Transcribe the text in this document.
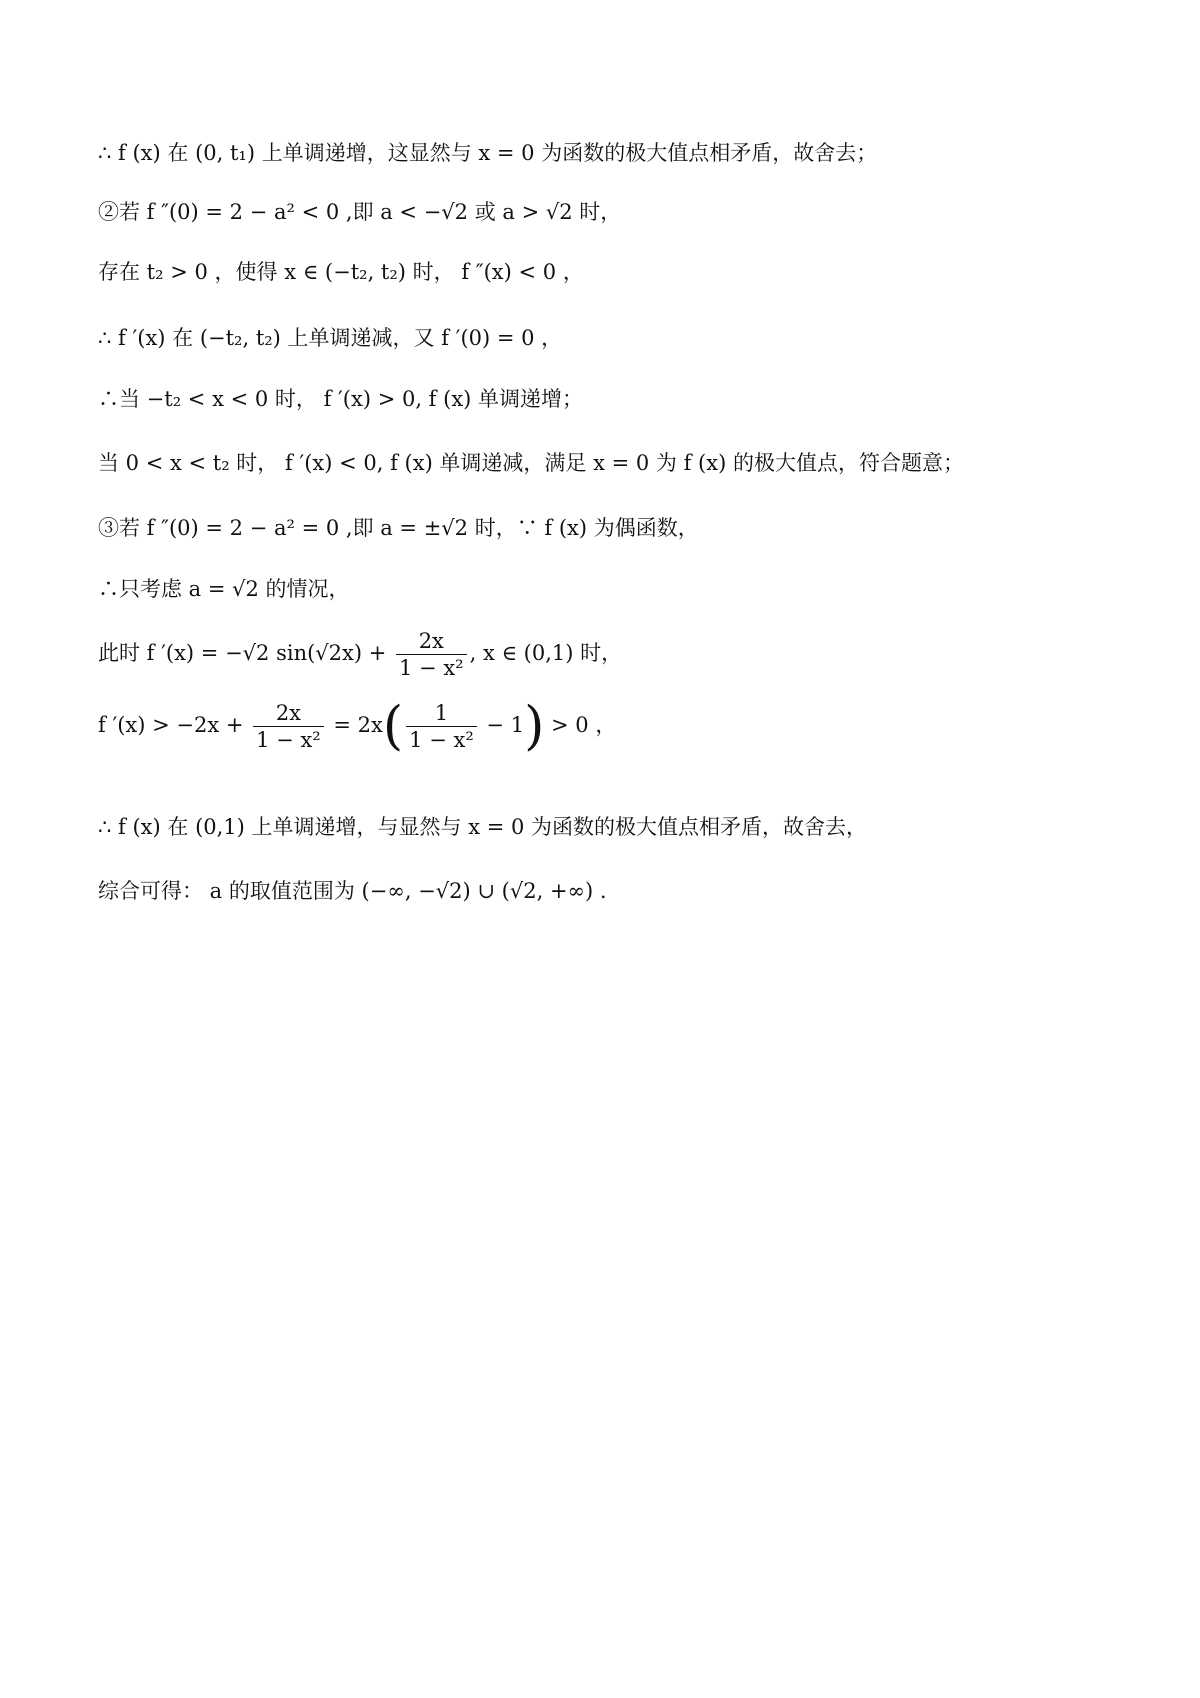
∴ f (x) 在 (0, t₁) 上单调递增，这显然与 x = 0 为函数的极大值点相矛盾，故舍去；
②若 f ″(0) = 2 − a² < 0 ,即 a < −√2 或 a > √2 时，
存在 t₂ > 0 ，使得 x ∈ (−t₂, t₂) 时， f ″(x) < 0 ，
∴ f ′(x) 在 (−t₂, t₂) 上单调递减，又 f ′(0) = 0 ，
∴当 −t₂ < x < 0 时， f ′(x) > 0, f (x) 单调递增；
当 0 < x < t₂ 时， f ′(x) < 0, f (x) 单调递减，满足 x = 0 为 f (x) 的极大值点，符合题意；
③若 f ″(0) = 2 − a² = 0 ,即 a = ±√2 时，∵ f (x) 为偶函数，
∴只考虑 a = √2 的情况，
此时 f ′(x) = −√2 $\sin(√2x) + \frac{2x}{\text{1 − x²}}$ , x ∈ (0,1) 时，
f $'(x) > -2x + \frac{2x}{\text{1 − x²}} = 2x( \frac{1}{\text{1 − x²}} - 1) > 0$ ，
∴ f (x) 在 (0,1) 上单调递增，与显然与 x = 0 为函数的极大值点相矛盾，故舍去，
综合可得： a 的取值范围为 (−∞, −√2) ∪ (√2, +∞) .
